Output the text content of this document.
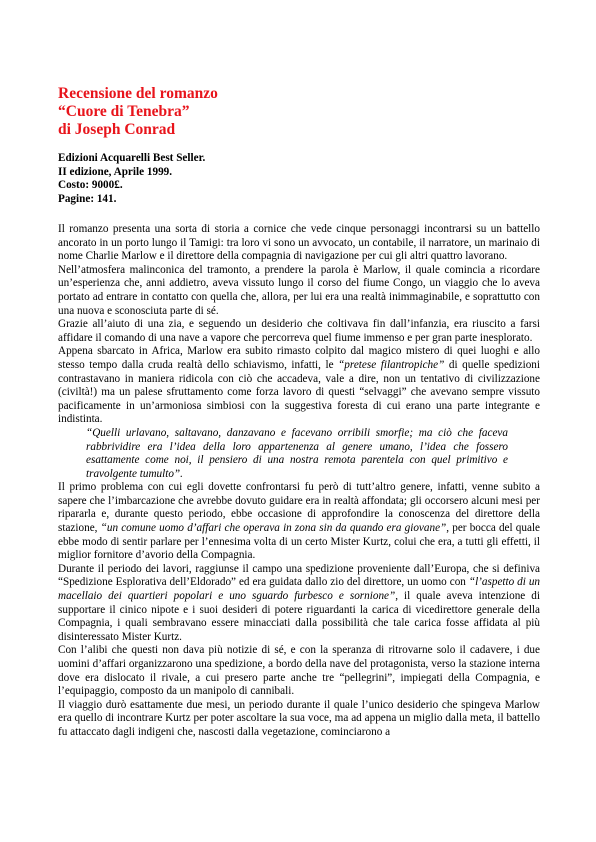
Recensione del romanzo
“Cuore di Tenebra”
di Joseph Conrad
Edizioni Acquarelli Best Seller.
II edizione, Aprile 1999.
Costo: 9000£.
Pagine: 141.

Il romanzo presenta una sorta di storia a cornice che vede cinque personaggi incontrarsi su un battello ancorato in un porto lungo il Tamigi: tra loro vi sono un avvocato, un contabile, il narratore, un marinaio di nome Charlie Marlow e il direttore della compagnia di navigazione per cui gli altri quattro lavorano.

Nell’atmosfera malinconica del tramonto, a prendere la parola è Marlow, il quale comincia a ricordare un’esperienza che, anni addietro, aveva vissuto lungo il corso del fiume Congo, un viaggio che lo aveva portato ad entrare in contatto con quella che, allora, per lui era una realtà inimmaginabile, e soprattutto con una nuova e sconosciuta parte di sé.

Grazie all’aiuto di una zia, e seguendo un desiderio che coltivava fin dall’infanzia, era riuscito a farsi affidare il comando di una nave a vapore che percorreva quel fiume immenso e per gran parte inesplorato.

Appena sbarcato in Africa, Marlow era subito rimasto colpito dal magico mistero di quei luoghi e allo stesso tempo dalla cruda realtà dello schiavismo, infatti, le “pretese filantropiche” di quelle spedizioni contrastavano in maniera ridicola con ciò che accadeva, vale a dire, non un tentativo di civilizzazione (civiltà!) ma un palese sfruttamento come forza lavoro di questi “selvaggi” che avevano sempre vissuto pacificamente in un’armoniosa simbiosi con la suggestiva foresta di cui erano una parte integrante e indistinta.

“Quelli urlavano, saltavano, danzavano e facevano orribili smorfie; ma ciò che faceva rabbrividire era l’idea della loro appartenenza al genere umano, l’idea che fossero esattamente come noi, il pensiero di una nostra remota parentela con quel primitivo e travolgente tumulto”.

Il primo problema con cui egli dovette confrontarsi fu però di tutt’altro genere, infatti, venne subito a sapere che l’imbarcazione che avrebbe dovuto guidare era in realtà affondata; gli occorsero alcuni mesi per ripararla e, durante questo periodo, ebbe occasione di approfondire la conoscenza del direttore della stazione, “un comune uomo d’affari che operava in zona sin da quando era giovane”, per bocca del quale ebbe modo di sentir parlare per l’ennesima volta di un certo Mister Kurtz, colui che era, a tutti gli effetti, il miglior fornitore d’avorio della Compagnia.

Durante il periodo dei lavori, raggiunse il campo una spedizione proveniente dall’Europa, che si definiva “Spedizione Esplorativa dell’Eldorado” ed era guidata dallo zio del direttore, un uomo con “l’aspetto di un macellaio dei quartieri popolari e uno sguardo furbesco e sornione”, il quale aveva intenzione di supportare il cinico nipote e i suoi desideri di potere riguardanti la carica di vicedirettore generale della Compagnia, i quali sembravano essere minacciati dalla possibilità che tale carica fosse affidata al più disinteressato Mister Kurtz.

Con l’alibi che questi non dava più notizie di sé, e con la speranza di ritrovarne solo il cadavere, i due uomini d’affari organizzarono una spedizione, a bordo della nave del protagonista, verso la stazione interna dove era dislocato il rivale, a cui presero parte anche tre “pellegrini”, impiegati della Compagnia, e l’equipaggio, composto da un manipolo di cannibali.

Il viaggio durò esattamente due mesi, un periodo durante il quale l’unico desiderio che spingeva Marlow era quello di incontrare Kurtz per poter ascoltare la sua voce, ma ad appena un miglio dalla meta, il battello fu attaccato dagli indigeni che, nascosti dalla vegetazione, cominciarono a
